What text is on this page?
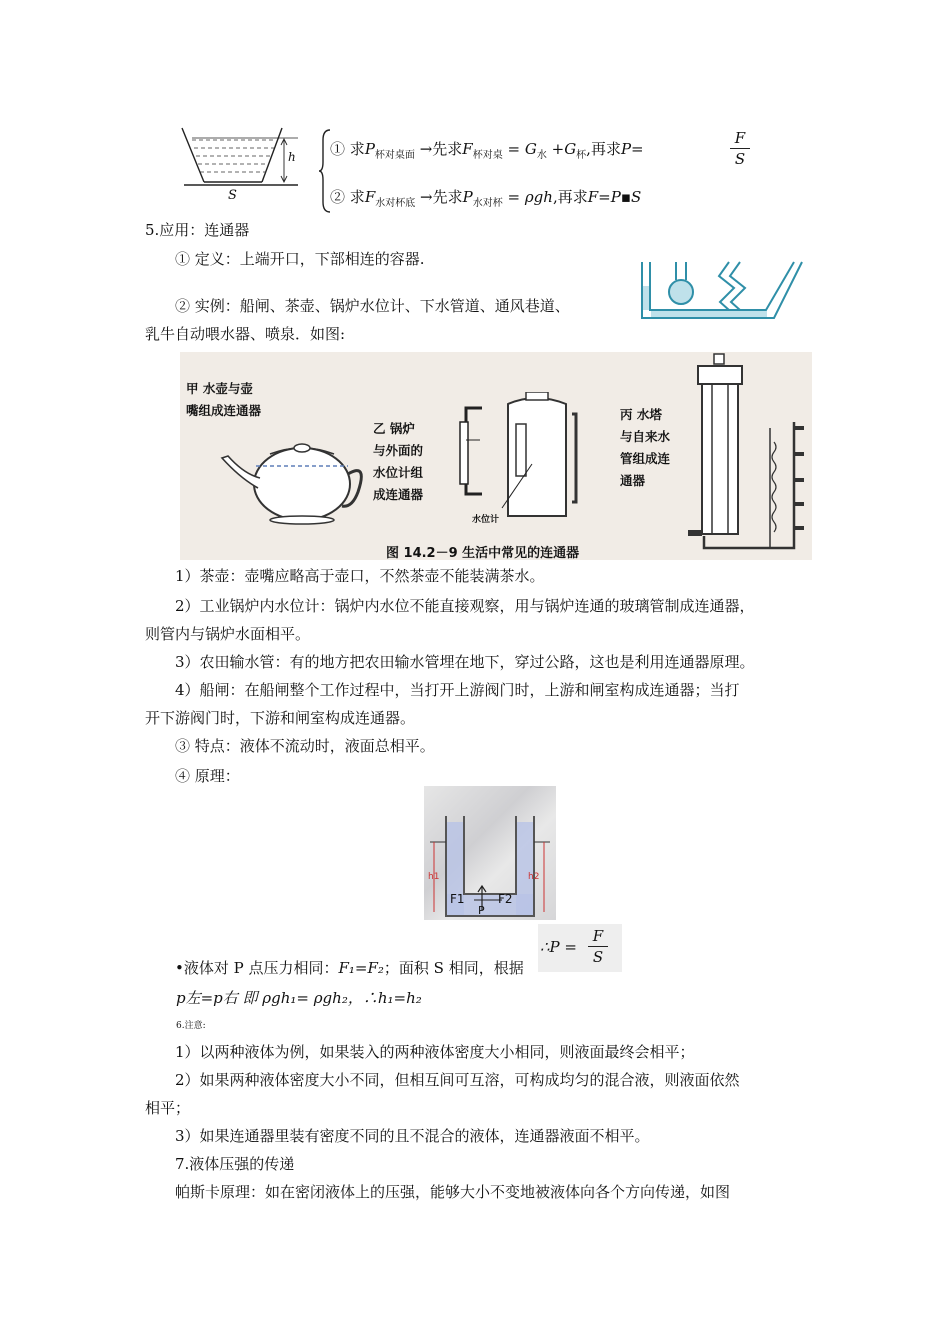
h
S
① 求$P_{杯对桌面}$ →先求$F_{杯对桌} = G_水 +G_杯$,再求P=
F
S
② 求$F_{水对杯底}$ →先求$P_{水对杯} = \rho gh$,再求F=P▪S
5.应用：连通器
① 定义：上端开口，下部相连的容器.
② 实例：船闸、茶壶、锅炉水位计、下水管道、通风巷道、
乳牛自动喂水器、喷泉．如图:
甲 水壶与壶
嘴组成连通器
乙 锅炉
与外面的
水位计组
成连通器
水位计
丙 水塔
与自来水
管组成连
通器
图 14.2－9 生活中常见的连通器
1）茶壶：壶嘴应略高于壶口，不然茶壶不能装满茶水。
2）工业锅炉内水位计：锅炉内水位不能直接观察，用与锅炉连通的玻璃管制成连通器，
则管内与锅炉水面相平。
3）农田输水管：有的地方把农田输水管埋在地下，穿过公路，这也是利用连通器原理。
4）船闸：在船闸整个工作过程中，当打开上游阀门时，上游和闸室构成连通器；当打
开下游阀门时，下游和闸室构成连通器。
③ 特点：液体不流动时，液面总相平。
④ 原理：
h1	h2
F1	F2
P
•液体对 P 点压力相同：F₁=F₂；面积 S 相同，根据
∴P =
F
S
p左=p右 即 ρgh₁= ρgh₂，∴h₁=h₂
6.注意:
1）以两种液体为例，如果装入的两种液体密度大小相同，则液面最终会相平；
2）如果两种液体密度大小不同，但相互间可互溶，可构成均匀的混合液，则液面依然
相平；
3）如果连通器里装有密度不同的且不混合的液体，连通器液面不相平。
7.液体压强的传递
帕斯卡原理：如在密闭液体上的压强，能够大小不变地被液体向各个方向传递，如图
